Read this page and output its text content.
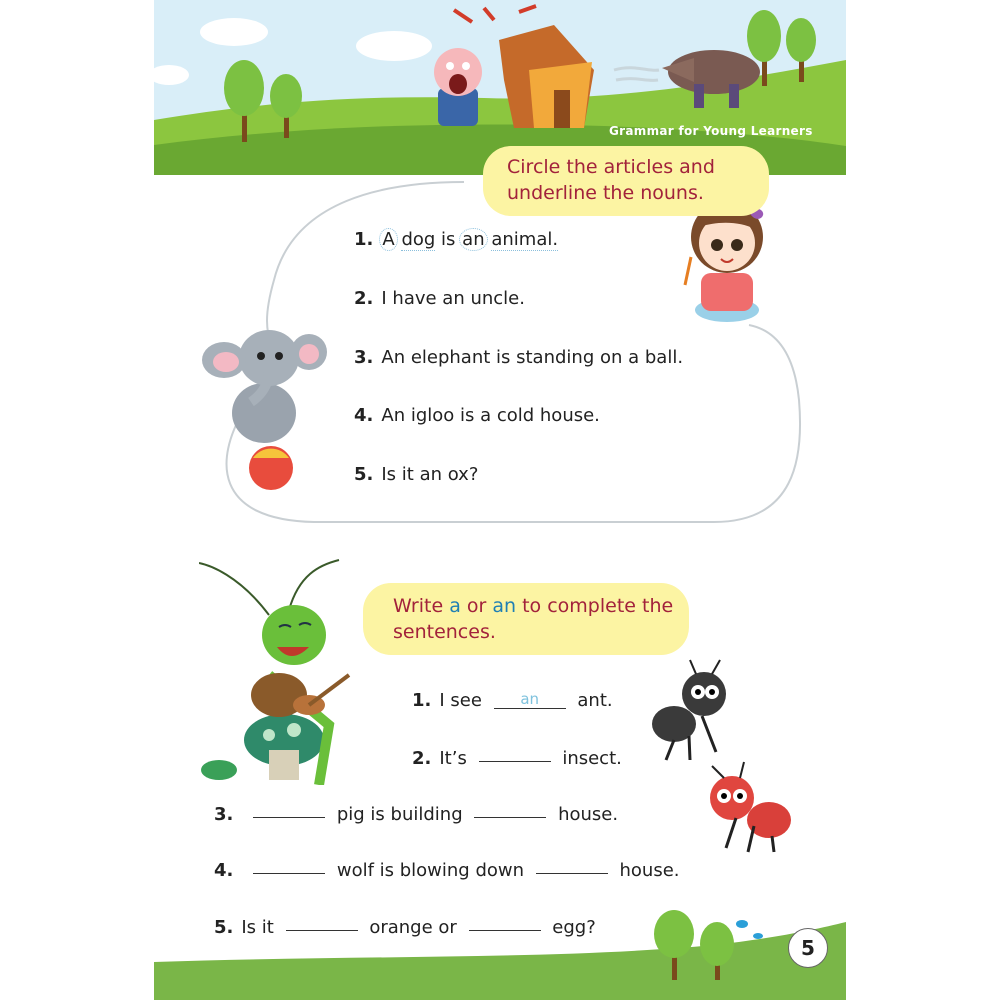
Grammar for Young Learners
Circle the articles and underline the nouns.
1. A dog is an animal.
2. I have an uncle.
3. An elephant is standing on a ball.
4. An igloo is a cold house.
5. Is it an ox?
Write a or an to complete the sentences.
1. I see	an ant.
2. It’s	insect.
3.	pig is building	house.
4.	wolf is blowing down	house.
5. Is it	orange or	egg?
5
